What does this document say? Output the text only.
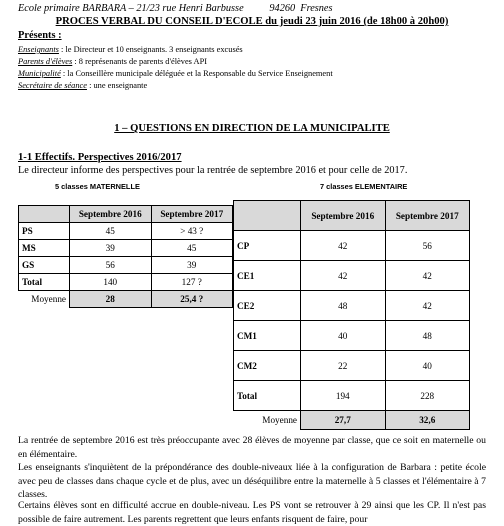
Ecole primaire BARBARA – 21/23 rue Henri Barbusse	94260  Fresnes
PROCES VERBAL DU CONSEIL D'ECOLE du jeudi 23 juin 2016 (de 18h00 à 20h00)
Présents :
Enseignants : le Directeur et 10 enseignants. 3 enseignants excusés
Parents d'élèves : 8 représenants de parents d'élèves API
Municipalité : la Conseillère municipale déléguée et la Responsable du Service Enseignement
Secrétaire de séance : une enseignante
1 – QUESTIONS EN DIRECTION DE LA MUNICIPALITE
1-1 Effectifs. Perspectives 2016/2017
Le directeur informe des perspectives pour la rentrée de septembre 2016 et pour celle de 2017.
5 classes MATERNELLE	7 classes ELEMENTAIRE
	Septembre 2016	Septembre 2017
PS	45	> 43 ?
MS	39	45
GS	56	39
Total	140	127 ?
Moyenne	28	25,4 ?
	Septembre 2016	Septembre 2017
CP	42	56
CE1	42	42
CE2	48	42
CM1	40	48
CM2	22	40
Total	194	228
Moyenne	27,7	32,6
La rentrée de septembre 2016 est très préoccupante avec 28 élèves de moyenne par classe, que ce soit en maternelle ou en élémentaire.
Les enseignants s'inquiètent de la prépondérance des double-niveaux liée à la configuration de Barbara : petite école avec peu de classes dans chaque cycle et de plus, avec un déséquilibre entre la maternelle à 5 classes et l'élémentaire à 7 classes.
Certains élèves sont en difficulté accrue en double-niveau. Les PS vont se retrouver à 29 ainsi que les CP. Il n'est pas possible de faire autrement. Les parents regrettent que leurs enfants risquent de faire, pour
